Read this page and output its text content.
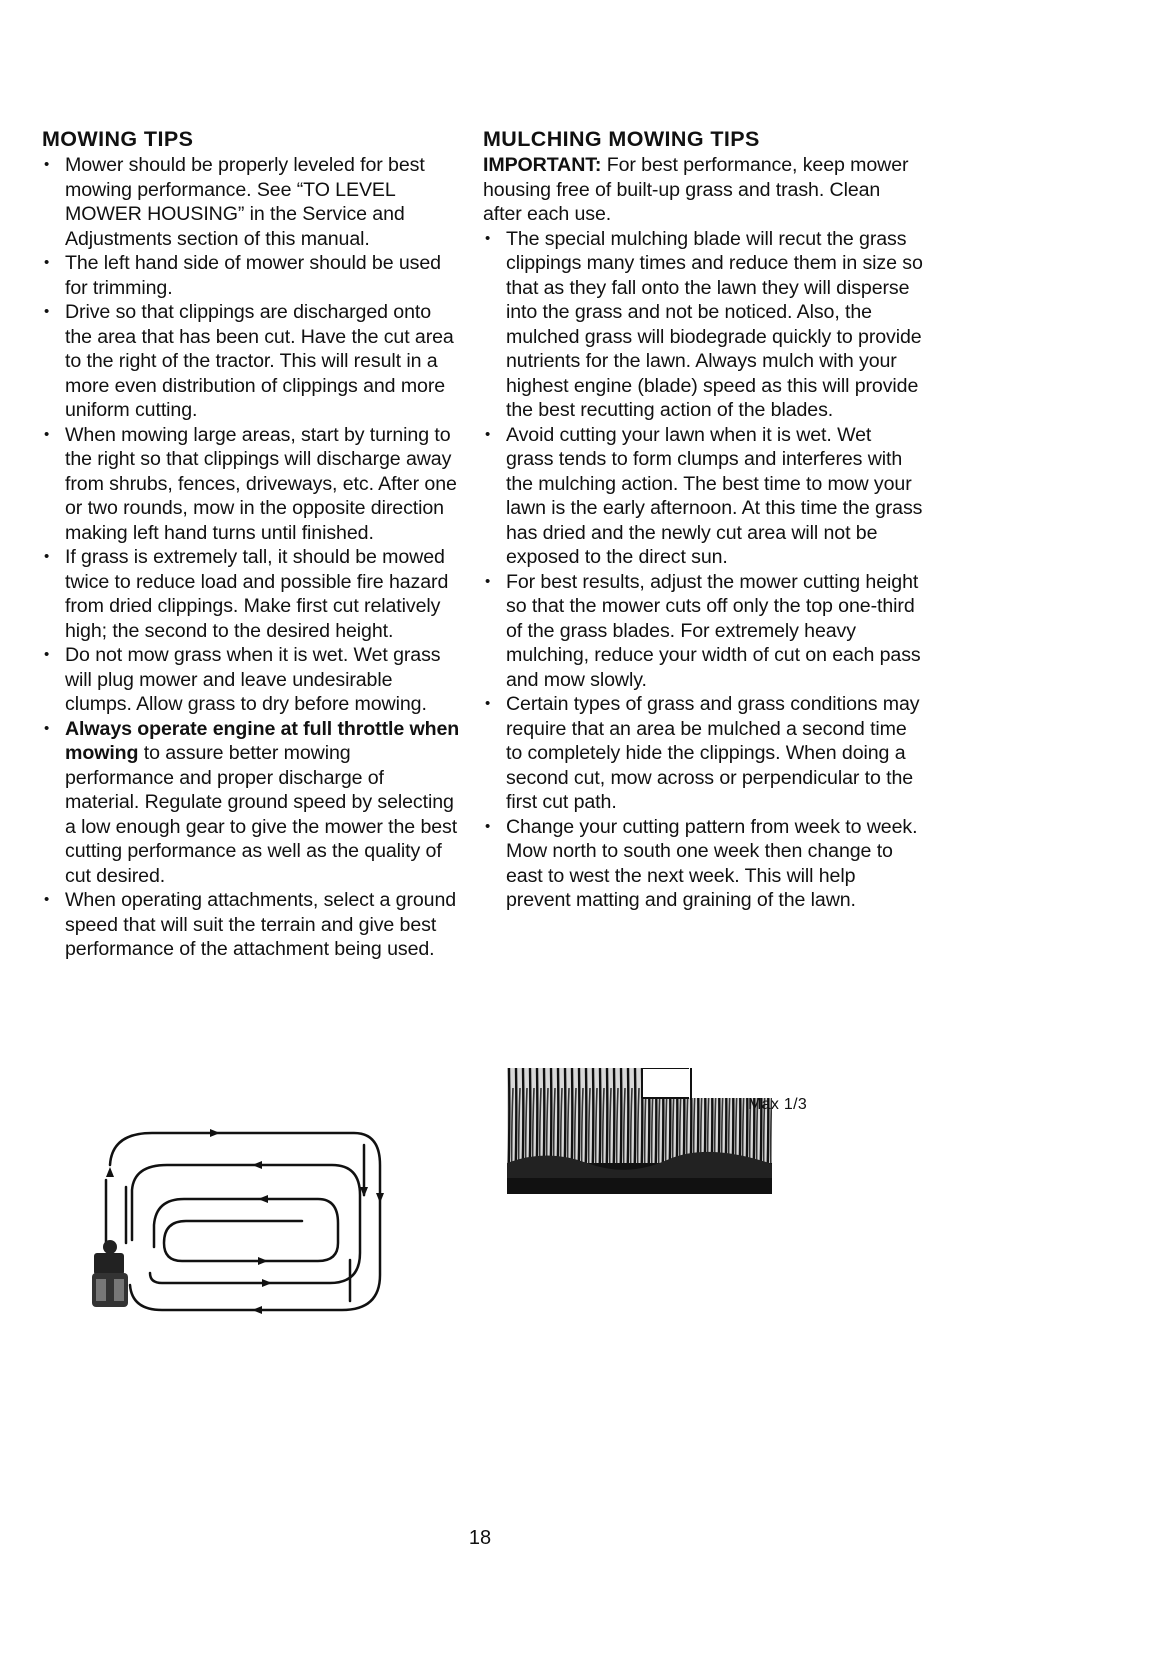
MOWING TIPS
• Mower should be properly leveled for best mowing performance. See “TO LEVEL MOWER HOUSING” in the Service and Adjustments section of this manual.
• The left hand side of mower should be used for trimming.
• Drive so that clippings are discharged onto the area that has been cut. Have the cut area to the right of the tractor. This will result in a more even distribution of clippings and more uniform cutting.
• When mowing large areas, start by turning to the right so that clippings will discharge away from shrubs, fences, driveways, etc. After one or two rounds, mow in the opposite direction making left hand turns until finished.
• If grass is extremely tall, it should be mowed twice to reduce load and possible fire hazard from dried clippings. Make first cut relatively high; the second to the desired height.
• Do not mow grass when it is wet. Wet grass will plug mower and leave undesirable clumps. Allow grass to dry before mowing.
• Always operate engine at full throttle when mowing to assure better mowing performance and proper discharge of material. Regulate ground speed by selecting a low enough gear to give the mower the best cutting performance as well as the quality of cut desired.
• When operating attachments, select a ground speed that will suit the terrain and give best performance of the attachment being used.
MULCHING MOWING TIPS
IMPORTANT: For best performance, keep mower housing free of built-up grass and trash. Clean after each use.
• The special mulching blade will recut the grass clippings many times and reduce them in size so that as they fall onto the lawn they will disperse into the grass and not be noticed. Also, the mulched grass will biodegrade quickly to provide nutrients for the lawn. Always mulch with your highest engine (blade) speed as this will provide the best recutting action of the blades.
• Avoid cutting your lawn when it is wet. Wet grass tends to form clumps and interferes with the mulching action. The best time to mow your lawn is the early afternoon. At this time the grass has dried and the newly cut area will not be exposed to the direct sun.
• For best results, adjust the mower cutting height so that the mower cuts off only the top one-third of the grass blades. For extremely heavy mulching, reduce your width of cut on each pass and mow slowly.
• Certain types of grass and grass conditions may require that an area be mulched a second time to completely hide the clippings. When doing a second cut, mow across or perpendicular to the first cut path.
• Change your cutting pattern from week to week. Mow north to south one week then change to east to west the next week. This will help prevent matting and graining of the lawn.
Max 1/3
18
